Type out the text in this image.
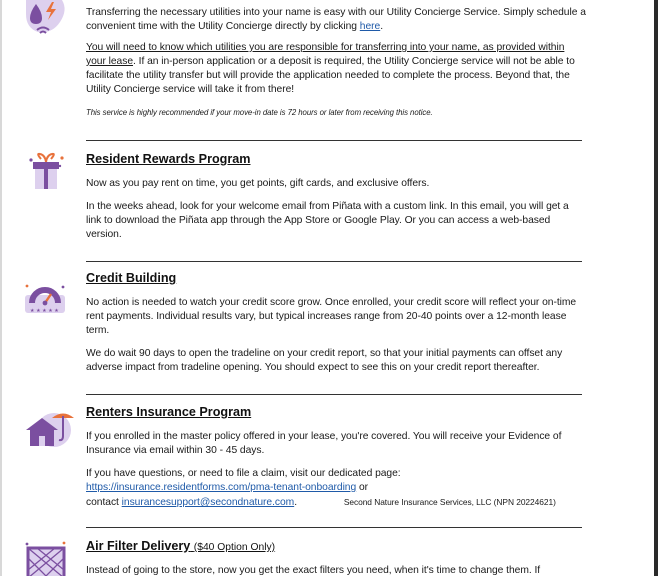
Transferring the necessary utilities into your name is easy with our Utility Concierge Service. Simply schedule a convenient time with the Utility Concierge directly by clicking here.

You will need to know which utilities you are responsible for transferring into your name, as provided within your lease. If an in-person application or a deposit is required, the Utility Concierge service will not be able to facilitate the utility transfer but will provide the application needed to complete the process. Beyond that, the Utility Concierge service will take it from there!

This service is highly recommended if your move-in date is 72 hours or later from receiving this notice.

Resident Rewards Program

Now as you pay rent on time, you get points, gift cards, and exclusive offers.

In the weeks ahead, look for your welcome email from Piñata with a custom link. In this email, you will get a link to download the Piñata app through the App Store or Google Play. Or you can access a web-based version.

★ ★ ★ ★ ★
Credit Building

No action is needed to watch your credit score grow. Once enrolled, your credit score will reflect your on-time rent payments. Individual results vary, but typical increases range from 20-40 points over a 12-month lease term.

We do wait 90 days to open the tradeline on your credit report, so that your initial payments can offset any adverse impact from tradeline opening. You should expect to see this on your credit report thereafter.

Renters Insurance Program

If you enrolled in the master policy offered in your lease, you're covered. You will receive your Evidence of Insurance via email within 30 - 45 days.

If you have questions, or need to file a claim, visit our dedicated page:
https://insurance.residentforms.com/pma-tenant-onboarding or
contact insurancesupport@secondnature.com.	Second Nature Insurance Services, LLC (NPN 20224621)

Air Filter Delivery ($40 Option Only)

Instead of going to the store, now you get the exact filters you need, when it's time to change them. If
